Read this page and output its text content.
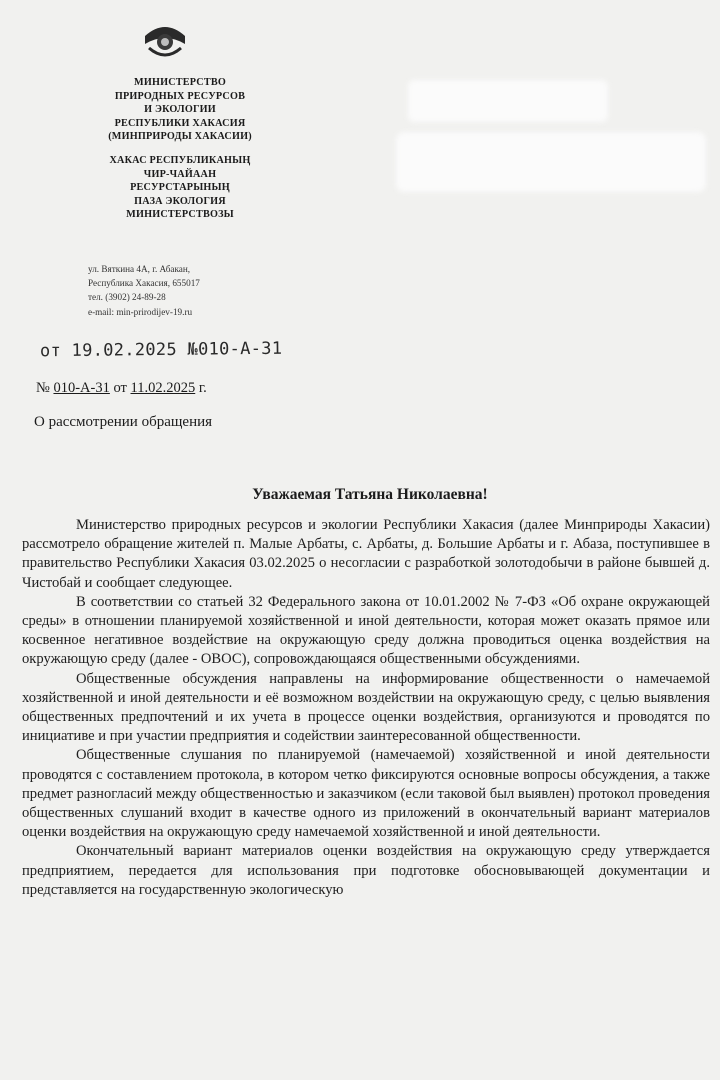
МИНИСТЕРСТВО
ПРИРОДНЫХ РЕСУРСОВ
И ЭКОЛОГИИ
РЕСПУБЛИКИ ХАКАСИЯ
(МИНПРИРОДЫ ХАКАСИИ)
ХАКАС РЕСПУБЛИКАНЫҢ
ЧИР-ЧАЙААН
РЕСУРСТАРЫНЫҢ
ПАЗА ЭКОЛОГИЯ
МИНИСТЕРСТВОЗЫ
ул. Вяткина 4А, г. Абакан,
Республика Хакасия, 655017
тел. (3902) 24-89-28
e-mail: min-prirodijev-19.ru
от 19.02.2025 №010-А-31
№ 010-А-31 от 11.02.2025 г.
О рассмотрении обращения
Уважаемая Татьяна Николаевна!

Министерство природных ресурсов и экологии Республики Хакасия (далее Минприроды Хакасии) рассмотрело обращение жителей п. Малые Арбаты, с. Арбаты, д. Большие Арбаты и г. Абаза, поступившее в правительство Республики Хакасия 03.02.2025 о несогласии с разработкой золотодобычи в районе бывшей д. Чистобай и сообщает следующее.

В соответствии со статьей 32 Федерального закона от 10.01.2002 № 7-ФЗ «Об охране окружающей среды» в отношении планируемой хозяйственной и иной деятельности, которая может оказать прямое или косвенное негативное воздействие на окружающую среду должна проводиться оценка воздействия на окружающую среду (далее - ОВОС), сопровождающаяся общественными обсуждениями.

Общественные обсуждения направлены на информирование общественности о намечаемой хозяйственной и иной деятельности и её возможном воздействии на окружающую среду, с целью выявления общественных предпочтений и их учета в процессе оценки воздействия, организуются и проводятся по инициативе и при участии предприятия и содействии заинтересованной общественности.

Общественные слушания по планируемой (намечаемой) хозяйственной и иной деятельности проводятся с составлением протокола, в котором четко фиксируются основные вопросы обсуждения, а также предмет разногласий между общественностью и заказчиком (если таковой был выявлен) протокол проведения общественных слушаний входит в качестве одного из приложений в окончательный вариант материалов оценки воздействия на окружающую среду намечаемой хозяйственной и иной деятельности.

Окончательный вариант материалов оценки воздействия на окружающую среду утверждается предприятием, передается для использования при подготовке обосновывающей документации и представляется на государственную экологическую
